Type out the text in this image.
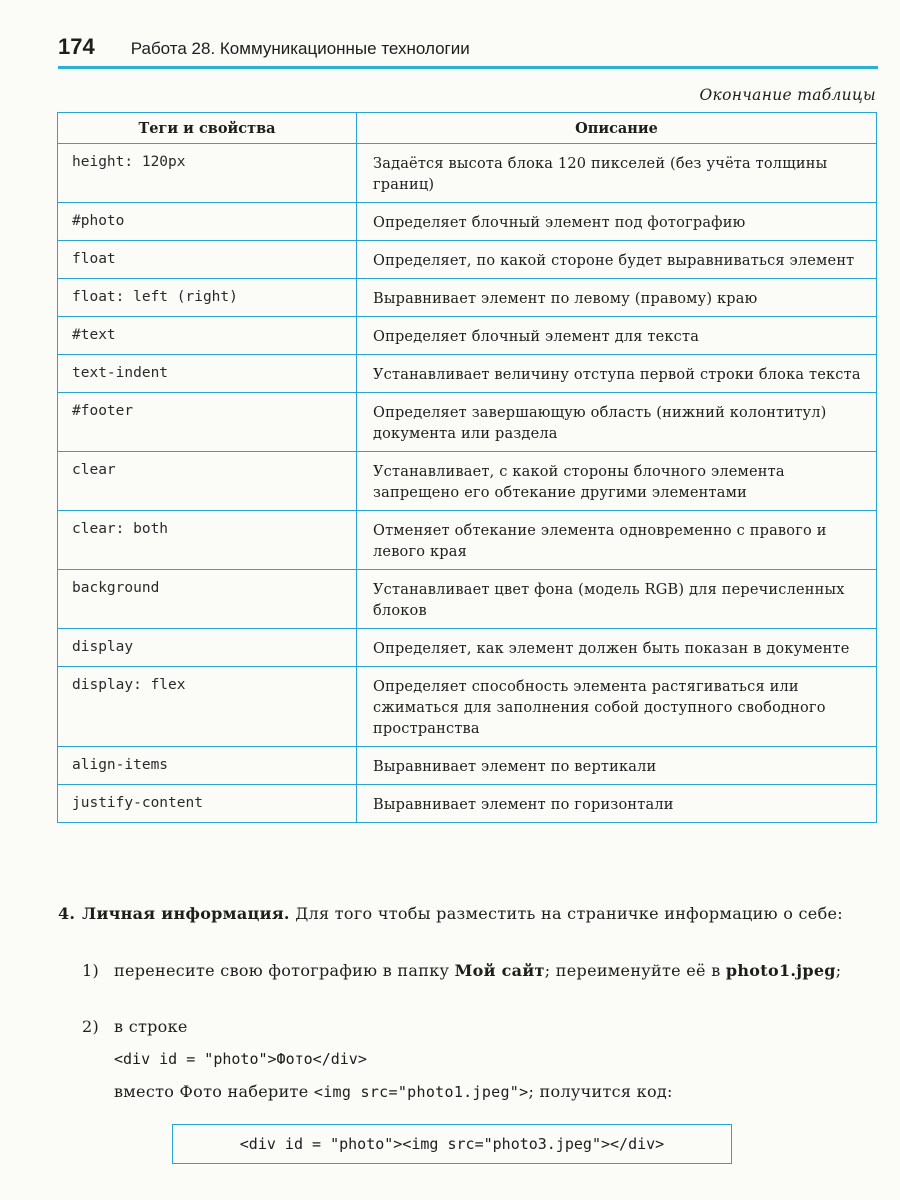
174 Работа 28. Коммуникационные технологии
Окончание таблицы
Теги и свойства	Описание
height: 120px	Задаётся высота блока 120 пикселей (без учёта толщины границ)
#photo	Определяет блочный элемент под фотографию
float	Определяет, по какой стороне будет выравниваться элемент
float: left (right)	Выравнивает элемент по левому (правому) краю
#text	Определяет блочный элемент для текста
text-indent	Устанавливает величину отступа первой строки блока текста
#footer	Определяет завершающую область (нижний колонтитул) документа или раздела
clear	Устанавливает, с какой стороны блочного элемента запрещено его обтекание другими элементами
clear: both	Отменяет обтекание элемента одновременно с правого и левого края
background	Устанавливает цвет фона (модель RGB) для перечисленных блоков
display	Определяет, как элемент должен быть показан в документе
display: flex	Определяет способность элемента растягиваться или сжиматься для заполнения собой доступного свободного пространства
align-items	Выравнивает элемент по вертикали
justify-content	Выравнивает элемент по горизонтали
4. Личная информация. Для того чтобы разместить на страничке информацию о себе:
1) перенесите свою фотографию в папку Мой сайт; переименуйте её в photo1.jpeg;
2) в строке
<div id = "photo">Фото</div>
вместо Фото наберите <img src="photo1.jpeg">; получится код:
<div id = "photo"><img src="photo3.jpeg"></div>
